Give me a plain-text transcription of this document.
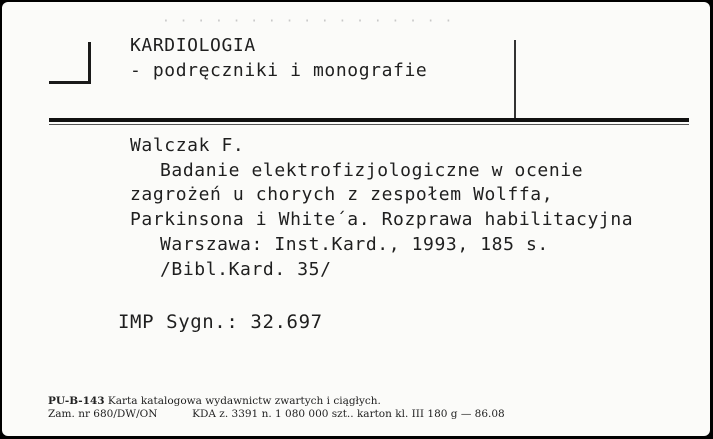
· · · · · · · · · · · · · · · · ·
KARDIOLOGIA
- podręczniki i monografie
Walczak F.
Badanie elektrofizjologiczne w ocenie
zagrożeń u chorych z zespołem Wolffa,
Parkinsona i White´a. Rozprawa habilitacyjna
Warszawa: Inst.Kard., 1993, 185 s.
/Bibl.Kard. 35/
IMP Sygn.: 32.697
PU-B-143 Karta katalogowa wydawnictw zwartych i ciągłych.
Zam. nr 680/DW/ON	KDA z. 3391 n. 1 080 000 szt.. karton kl. III 180 g — 86.08
